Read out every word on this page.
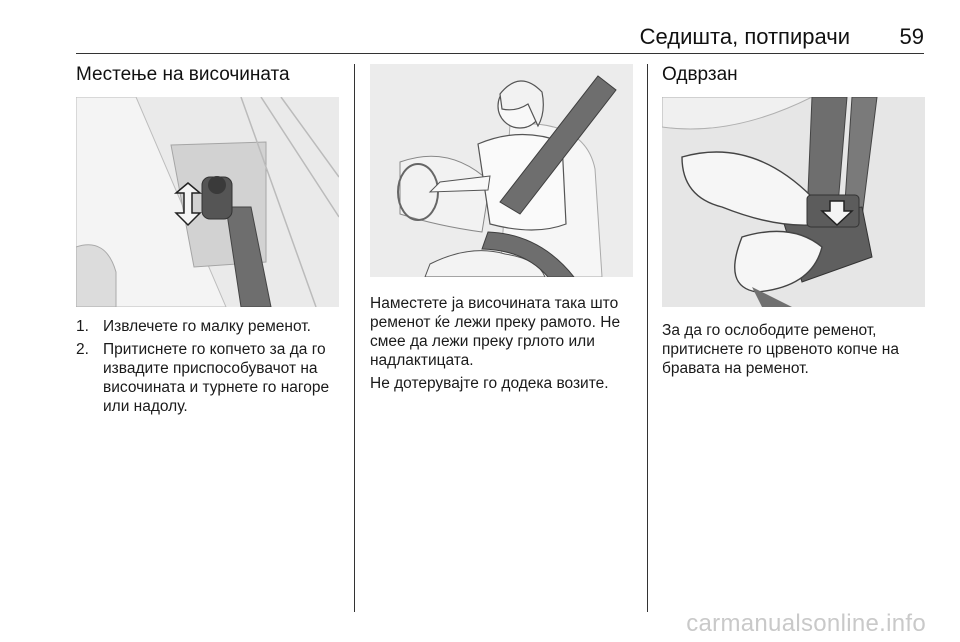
Седишта, потпирачи 59
Местење на височината
1. Извлечете го малку ременот.
2. Притиснете го копчето за да го извадите приспособувачот на височината и турнете го нагоре или надолу.

Наместете ја височината така што ременот ќе лежи преку рамото. Не смее да лежи преку грлото или надлактицата.

Не дотерувајте го додека возите.

Одврзан

За да го ослободите ременот, притиснете го црвеното копче на бравата на ременот.

carmanualsonline.info
